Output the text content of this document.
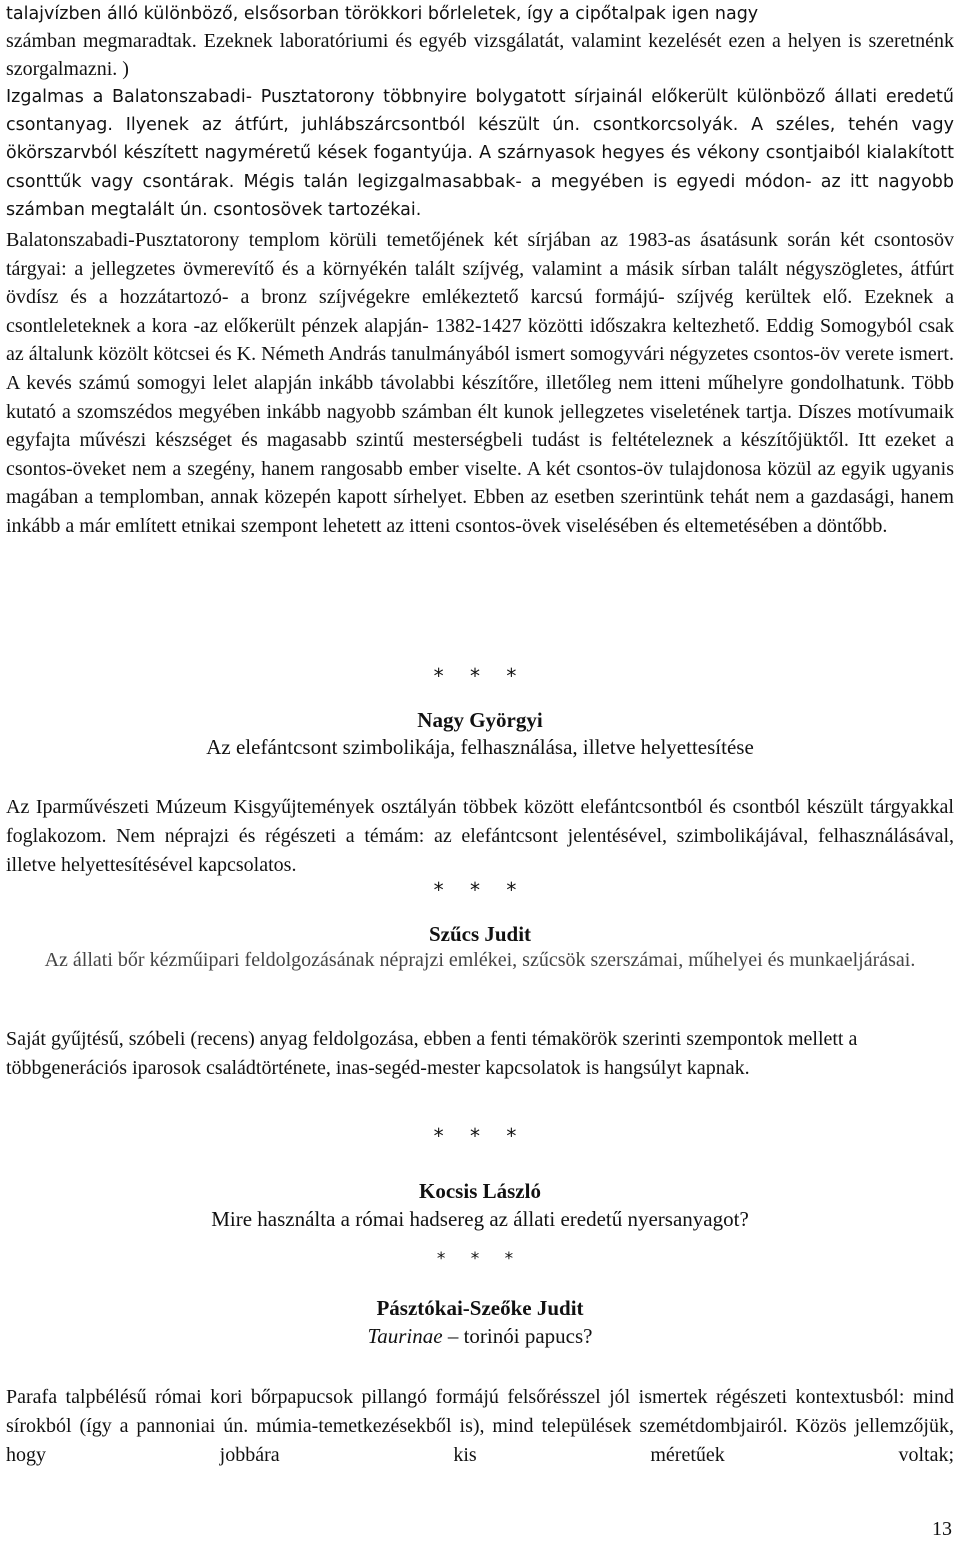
talajvízben álló különböző, elsősorban törökkori bőrleletek, így a cipőtalpak igen nagy

számban megmaradtak. Ezeknek laboratóriumi és egyéb vizsgálatát, valamint kezelését ezen a helyen is szeretnénk szorgalmazni. )

Izgalmas a Balatonszabadi- Pusztatorony többnyire bolygatott sírjainál előkerült különböző állati eredetű csontanyag. Ilyenek az átfúrt, juhlábszárcsontból készült ún. csontkorcsolyák. A széles, tehén vagy ökörszarvból készített nagyméretű kések fogantyúja. A szárnyasok hegyes és vékony csontjaiból kialakított csonttűk vagy csontárak. Mégis talán legizgalmasabbak- a megyében is egyedi módon- az itt nagyobb számban megtalált ún. csontosövek tartozékai.

Balatonszabadi-Pusztatorony templom körüli temetőjének két sírjában az 1983-as ásatásunk során két csontosöv tárgyai: a jellegzetes övmerevítő és a környékén talált szíjvég, valamint a másik sírban talált négyszögletes, átfúrt övdísz és a hozzátartozó- a bronz szíjvégekre emlékeztető karcsú formájú- szíjvég kerültek elő. Ezeknek a csontleleteknek a kora -az előkerült pénzek alapján- 1382-1427 közötti időszakra keltezhető. Eddig Somogyból csak az általunk közölt kötcsei és K. Németh András tanulmányából ismert somogyvári négyzetes csontos-öv verete ismert. A kevés számú somogyi lelet alapján inkább távolabbi készítőre, illetőleg nem itteni műhelyre gondolhatunk. Több kutató a szomszédos megyében inkább nagyobb számban élt kunok jellegzetes viseletének tartja. Díszes motívumaik egyfajta művészi készséget és magasabb szintű mesterségbeli tudást is feltételeznek a készítőjüktől. Itt ezeket a csontos-öveket nem a szegény, hanem rangosabb ember viselte. A két csontos-öv tulajdonosa közül az egyik ugyanis magában a templomban, annak közepén kapott sírhelyet. Ebben az esetben szerintünk tehát nem a gazdasági, hanem inkább a már említett etnikai szempont lehetett az itteni csontos-övek viselésében és eltemetésében a döntőbb.

* * *

Nagy Györgyi

Az elefántcsont szimbolikája, felhasználása, illetve helyettesítése

Az Iparművészeti Múzeum Kisgyűjtemények osztályán többek között elefántcsontból és csontból készült tárgyakkal foglakozom. Nem néprajzi és régészeti a témám: az elefántcsont jelentésével, szimbolikájával, felhasználásával, illetve helyettesítésével kapcsolatos.

* * *

Szűcs Judit

Az állati bőr kézműipari feldolgozásának néprajzi emlékei, szűcsök szerszámai, műhelyei és munkaeljárásai.

Saját gyűjtésű, szóbeli (recens) anyag feldolgozása, ebben a fenti témakörök szerinti szempontok mellett a többgenerációs iparosok családtörténete, inas-segéd-mester kapcsolatok is hangsúlyt kapnak.

* * *

Kocsis László

Mire használta a római hadsereg az állati eredetű nyersanyagot?

* * *

Pásztókai-Szeőke Judit

Taurinae – torinói papucs?

Parafa talpbélésű római kori bőrpapucsok pillangó formájú felsőrésszel jól ismertek régészeti kontextusból: mind sírokból (így a pannoniai ún. múmia-temetkezésekből is), mind települések szemétdombjairól. Közös jellemzőjük, hogy jobbára kis méretűek voltak;

13
